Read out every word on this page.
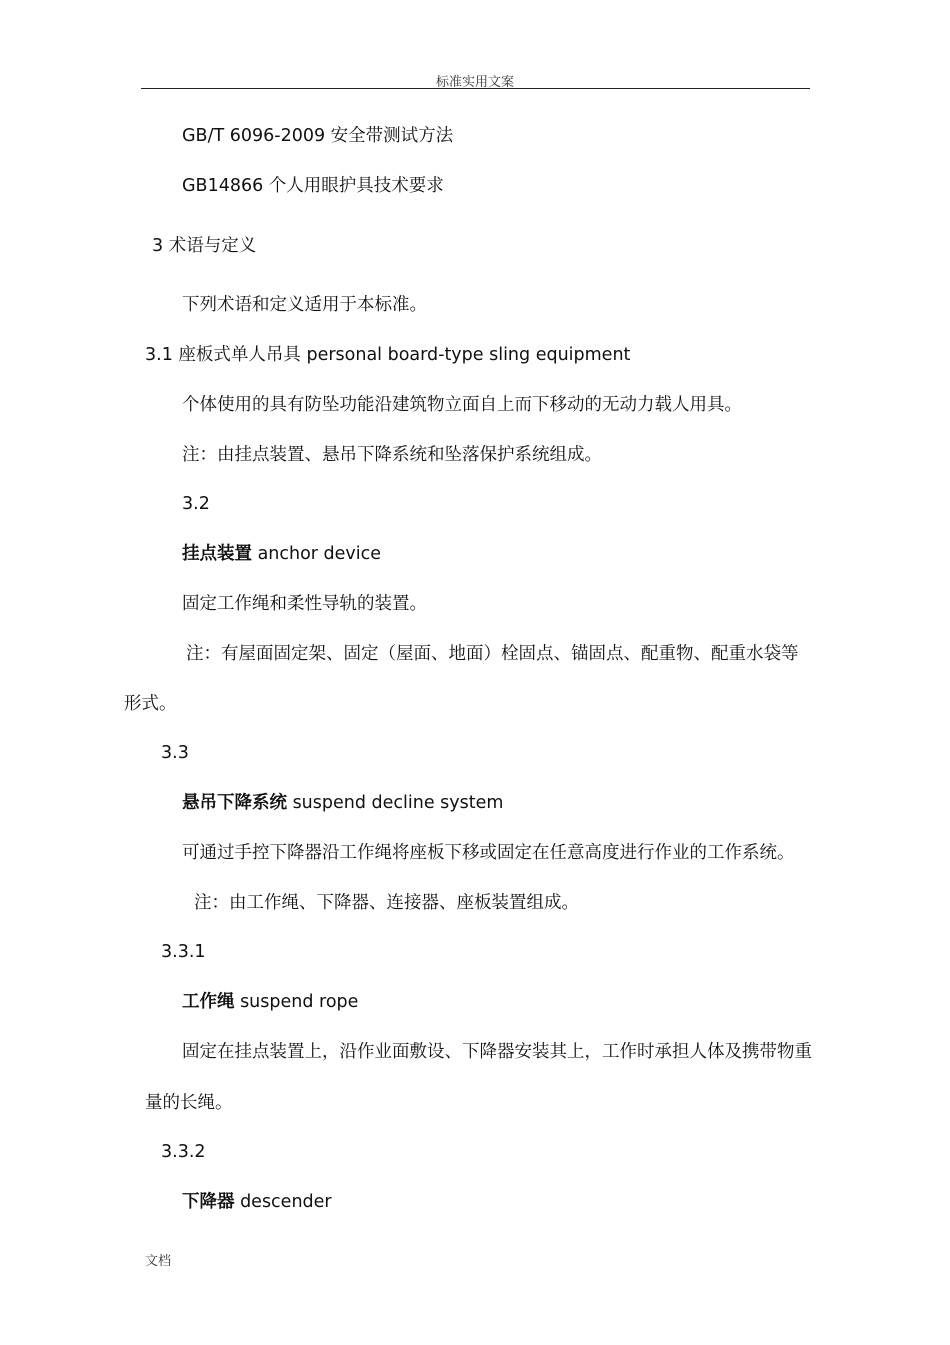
标准实用文案
GB/T 6096-2009 安全带测试方法
GB14866 个人用眼护具技术要求
3 术语与定义
下列术语和定义适用于本标准。
3.1 座板式单人吊具 personal board-type sling equipment
个体使用的具有防坠功能沿建筑物立面自上而下移动的无动力载人用具。
注：由挂点装置、悬吊下降系统和坠落保护系统组成。
3.2
挂点装置 anchor device
固定工作绳和柔性导轨的装置。
注：有屋面固定架、固定（屋面、地面）栓固点、锚固点、配重物、配重水袋等
形式。
3.3
悬吊下降系统 suspend decline system
可通过手控下降器沿工作绳将座板下移或固定在任意高度进行作业的工作系统。
注：由工作绳、下降器、连接器、座板装置组成。
3.3.1
工作绳 suspend rope
固定在挂点装置上，沿作业面敷设、下降器安装其上，工作时承担人体及携带物重
量的长绳。
3.3.2
下降器 descender
文档
